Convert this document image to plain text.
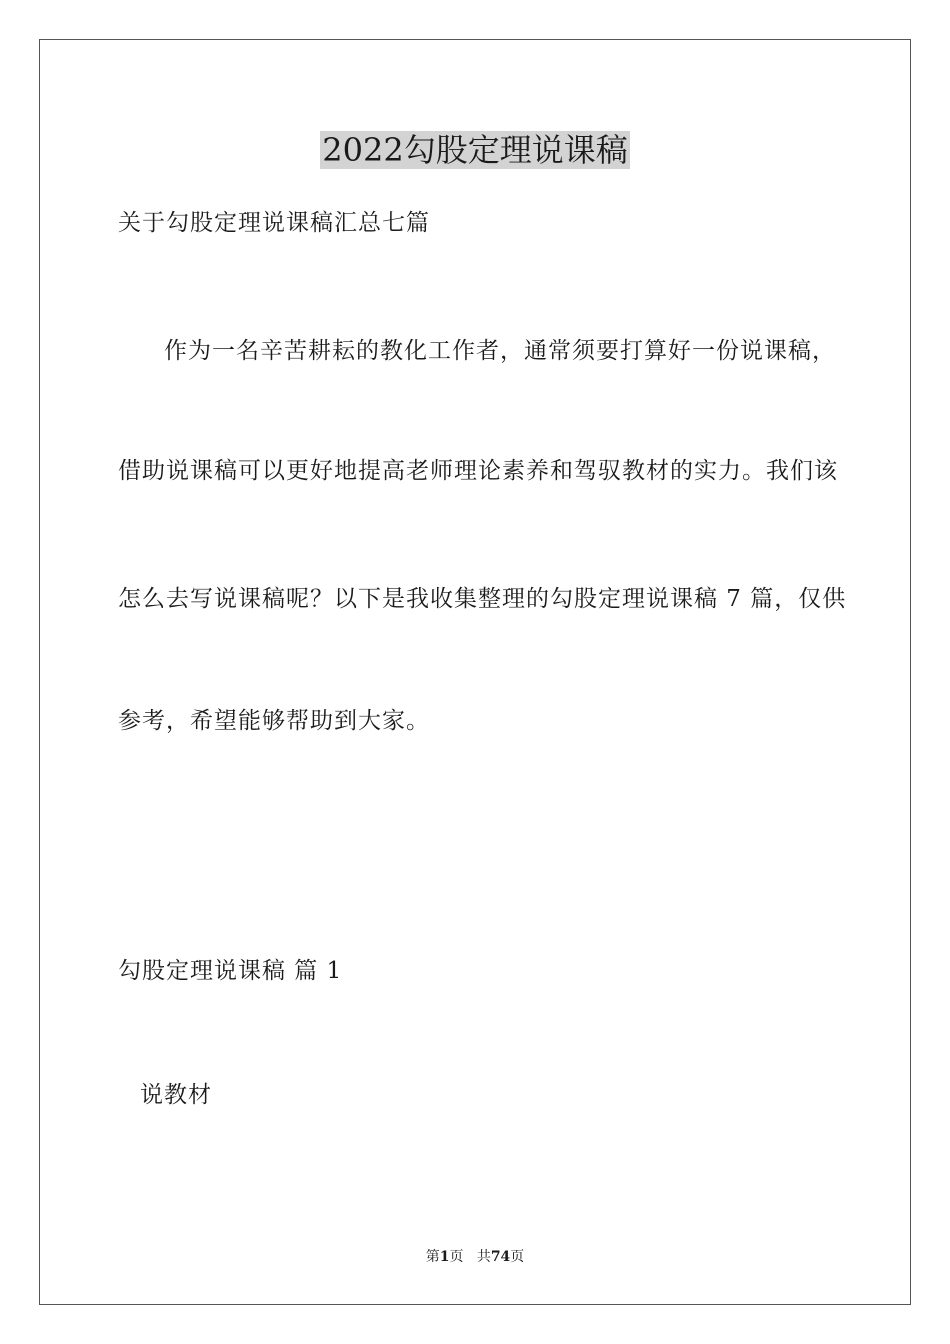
2022勾股定理说课稿
关于勾股定理说课稿汇总七篇
作为一名辛苦耕耘的教化工作者，通常须要打算好一份说课稿，
借助说课稿可以更好地提高老师理论素养和驾驭教材的实力。我们该
怎么去写说课稿呢？以下是我收集整理的勾股定理说课稿 7 篇，仅供
参考，希望能够帮助到大家。
勾股定理说课稿 篇 1
说教材
第1页 共74页
